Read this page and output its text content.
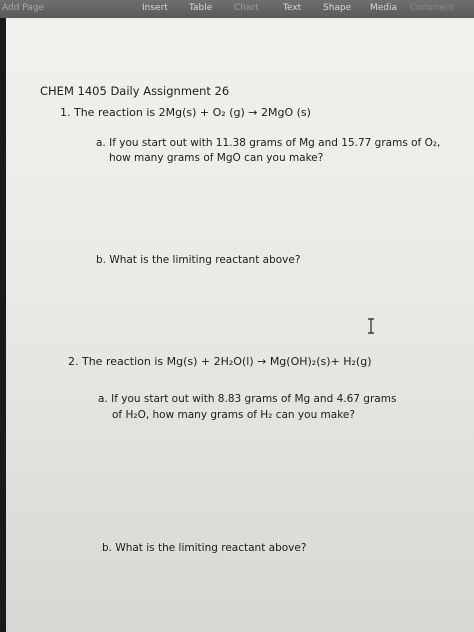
Add Page	Insert Table Chart	Text Shape Media Comment
CHEM 1405 Daily Assignment 26
1. The reaction is 2Mg(s) + O₂ (g) → 2MgO (s)
a. If you start out with 11.38 grams of Mg and 15.77 grams of O₂,
how many grams of MgO can you make?
b. What is the limiting reactant above?
2. The reaction is Mg(s) + 2H₂O(l) → Mg(OH)₂(s)+ H₂(g)
a. If you start out with 8.83 grams of Mg and 4.67 grams
of H₂O, how many grams of H₂ can you make?
b. What is the limiting reactant above?
